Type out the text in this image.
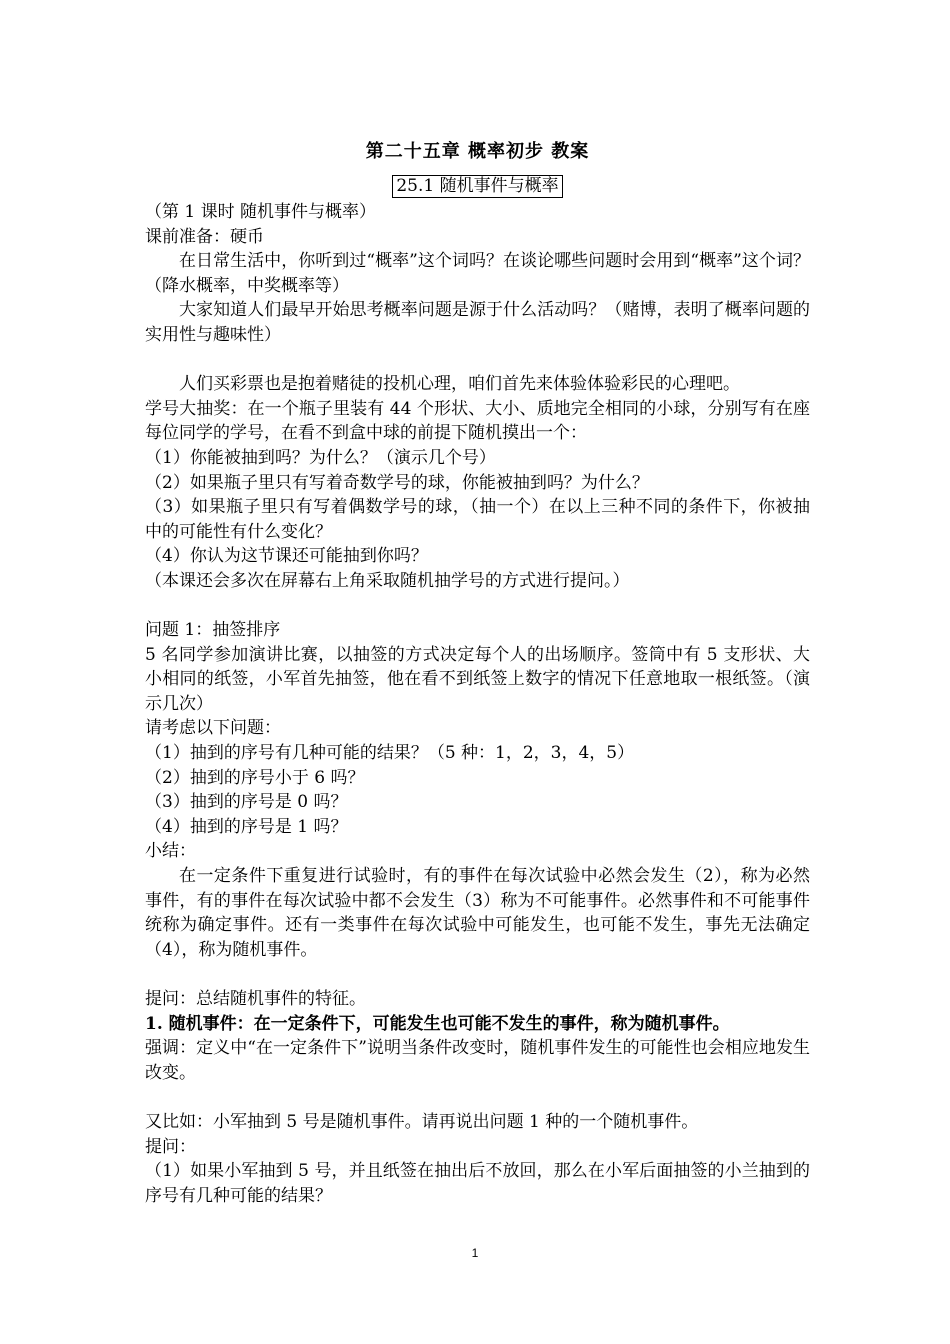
第二十五章 概率初步 教案
25.1 随机事件与概率

（第 1 课时 随机事件与概率）

课前准备：硬币

在日常生活中，你听到过“概率”这个词吗？在谈论哪些问题时会用到“概率”这个词？（降水概率，中奖概率等）

大家知道人们最早开始思考概率问题是源于什么活动吗？（赌博，表明了概率问题的实用性与趣味性）

人们买彩票也是抱着赌徒的投机心理，咱们首先来体验体验彩民的心理吧。

学号大抽奖：在一个瓶子里装有 44 个形状、大小、质地完全相同的小球，分别写有在座每位同学的学号，在看不到盒中球的前提下随机摸出一个：

（1）你能被抽到吗？为什么？（演示几个号）

（2）如果瓶子里只有写着奇数学号的球，你能被抽到吗？为什么？

（3）如果瓶子里只有写着偶数学号的球，（抽一个）在以上三种不同的条件下，你被抽中的可能性有什么变化？

（4）你认为这节课还可能抽到你吗？

（本课还会多次在屏幕右上角采取随机抽学号的方式进行提问。）

问题 1：抽签排序

5 名同学参加演讲比赛，以抽签的方式决定每个人的出场顺序。签筒中有 5 支形状、大小相同的纸签，小军首先抽签，他在看不到纸签上数字的情况下任意地取一根纸签。（演示几次）

请考虑以下问题：

（1）抽到的序号有几种可能的结果？（5 种：1，2，3，4，5）

（2）抽到的序号小于 6 吗？

（3）抽到的序号是 0 吗？

（4）抽到的序号是 1 吗？

小结：

在一定条件下重复进行试验时，有的事件在每次试验中必然会发生（2），称为必然事件，有的事件在每次试验中都不会发生（3）称为不可能事件。必然事件和不可能事件统称为确定事件。还有一类事件在每次试验中可能发生，也可能不发生，事先无法确定（4），称为随机事件。

提问：总结随机事件的特征。

1. 随机事件：在一定条件下，可能发生也可能不发生的事件，称为随机事件。

强调：定义中“在一定条件下”说明当条件改变时，随机事件发生的可能性也会相应地发生改变。

又比如：小军抽到 5 号是随机事件。请再说出问题 1 种的一个随机事件。

提问：

（1）如果小军抽到 5 号，并且纸签在抽出后不放回，那么在小军后面抽签的小兰抽到的序号有几种可能的结果？

1
